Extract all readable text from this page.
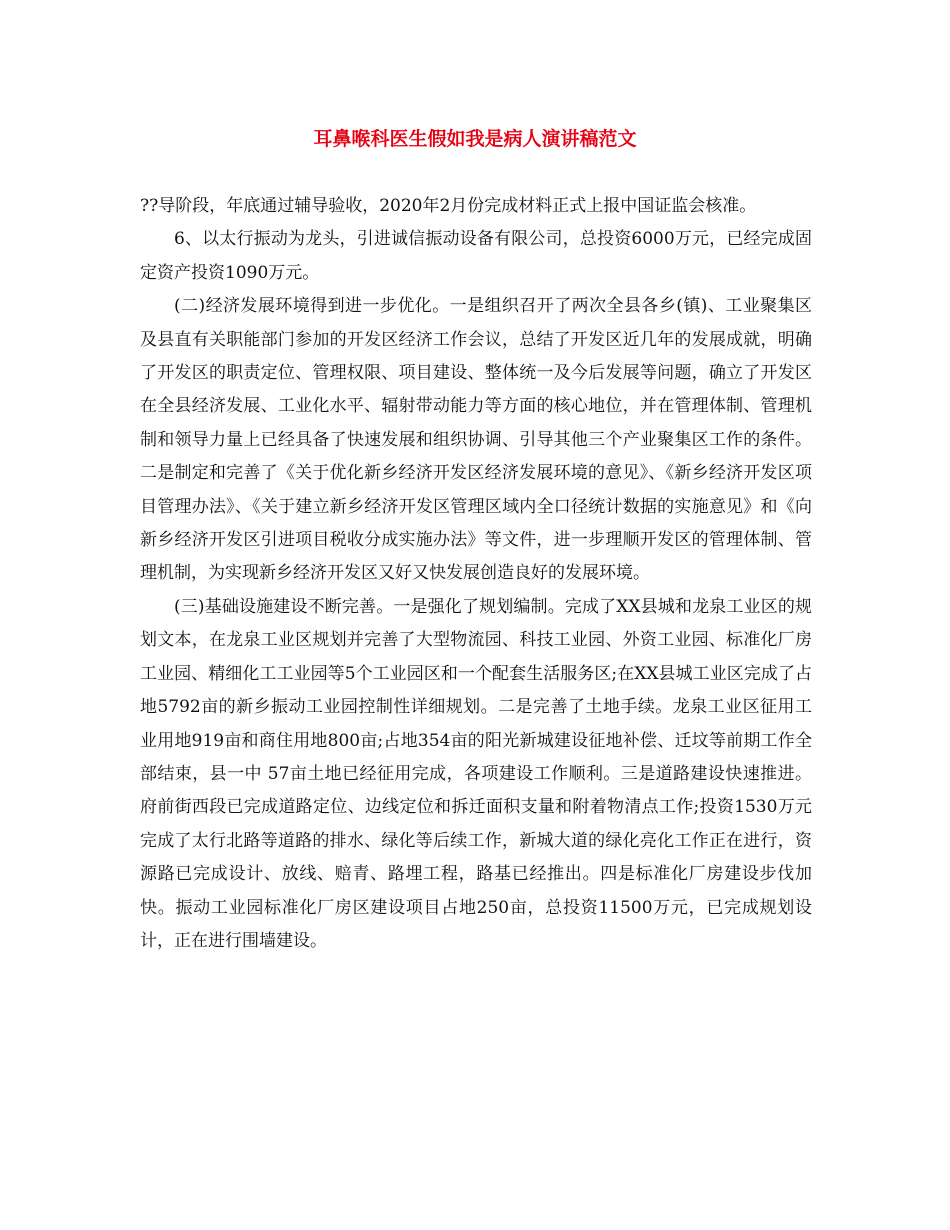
耳鼻喉科医生假如我是病人演讲稿范文

??导阶段，年底通过辅导验收，2020年2月份完成材料正式上报中国证监会核准。

6、以太行振动为龙头，引进诚信振动设备有限公司，总投资6000万元，已经完成固定资产投资1090万元。

(二)经济发展环境得到进一步优化。一是组织召开了两次全县各乡(镇)、工业聚集区及县直有关职能部门参加的开发区经济工作会议，总结了开发区近几年的发展成就，明确了开发区的职责定位、管理权限、项目建设、整体统一及今后发展等问题，确立了开发区在全县经济发展、工业化水平、辐射带动能力等方面的核心地位，并在管理体制、管理机制和领导力量上已经具备了快速发展和组织协调、引导其他三个产业聚集区工作的条件。二是制定和完善了《关于优化新乡经济开发区经济发展环境的意见》、《新乡经济开发区项目管理办法》、《关于建立新乡经济开发区管理区域内全口径统计数据的实施意见》和《向新乡经济开发区引进项目税收分成实施办法》等文件，进一步理顺开发区的管理体制、管理机制，为实现新乡经济开发区又好又快发展创造良好的发展环境。

(三)基础设施建设不断完善。一是强化了规划编制。完成了XX县城和龙泉工业区的规划文本，在龙泉工业区规划并完善了大型物流园、科技工业园、外资工业园、标准化厂房工业园、精细化工工业园等5个工业园区和一个配套生活服务区;在XX县城工业区完成了占地5792亩的新乡振动工业园控制性详细规划。二是完善了土地手续。龙泉工业区征用工业用地919亩和商住用地800亩;占地354亩的阳光新城建设征地补偿、迁坟等前期工作全部结束，县一中 57亩土地已经征用完成，各项建设工作顺利。三是道路建设快速推进。府前街西段已完成道路定位、边线定位和拆迁面积支量和附着物清点工作;投资1530万元完成了太行北路等道路的排水、绿化等后续工作，新城大道的绿化亮化工作正在进行，资源路已完成设计、放线、赔青、路埋工程，路基已经推出。四是标准化厂房建设步伐加快。振动工业园标准化厂房区建设项目占地250亩，总投资11500万元，已完成规划设计，正在进行围墙建设。
